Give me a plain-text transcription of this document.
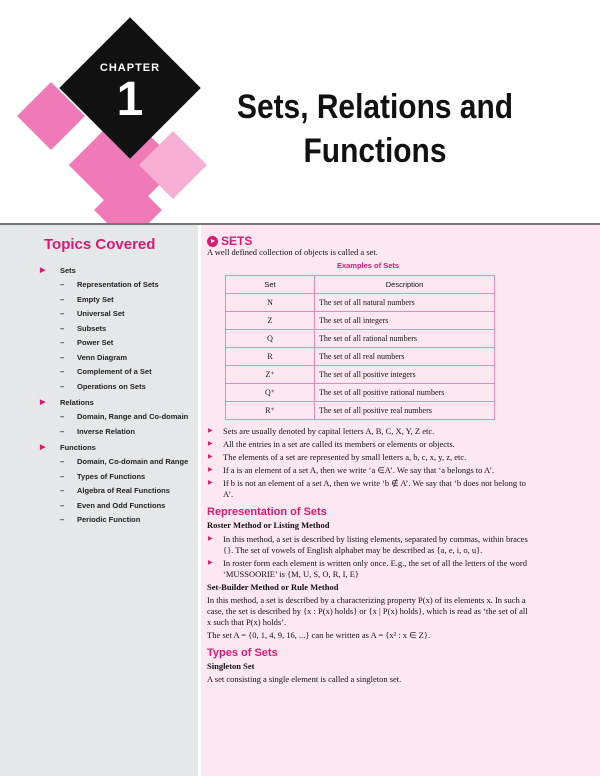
CHAPTER
1	Sets, Relations and Functions
Topics Covered
▶ Sets
– Representation of Sets
– Empty Set
– Universal Set
– Subsets
– Power Set
– Venn Diagram
– Complement of a Set
– Operations on Sets
▶ Relations
– Domain, Range and Co-domain
– Inverse Relation
▶ Functions
– Domain, Co-domain and Range
– Types of Functions
– Algebra of Real Functions
– Even and Odd Functions
– Periodic Function
SETS
A well defined collection of objects is called a set.
Examples of Sets
Set	Description
N	The set of all natural numbers
Z	The set of all integers
Q	The set of all rational numbers
R	The set of all real numbers
Z⁺	The set of all positive integers
Q⁺	The set of all positive rational numbers
R⁺	The set of all positive real numbers
▶ Sets are usually denoted by capital letters A, B, C, X, Y, Z etc.
▶ All the entries in a set are called its members or elements or objects.
▶ The elements of a set are represented by small letters a, b, c, x, y, z, etc.
▶ If a is an element of a set A, then we write ‘a ∈A’. We say that ‘a belongs to A’.
▶ If b is not an element of a set A, then we write ‘b ∉ A’. We say that ‘b does not belong to A’.
Representation of Sets
Roster Method or Listing Method
▶ In this method, a set is described by listing elements, separated by commas, within braces {}. The set of vowels of English alphabet may be described as {a, e, i, o, u}.
▶ In roster form each element is written only once. E.g., the set of all the letters of the word ‘MUSSOORIE’ is {M, U, S, O, R, I, E}
Set-Builder Method or Rule Method

In this method, a set is described by a characterizing property P(x) of its elements x. In such a case, the set is described by {x : P(x) holds} or {x | P(x) holds}, which is read as ‘the set of all x such that P(x) holds’.

The set A = {0, 1, 4, 9, 16, ...} can be written as A = {x² : x ∈ Z}.

Types of Sets
Singleton Set

A set consisting a single element is called a singleton set.
